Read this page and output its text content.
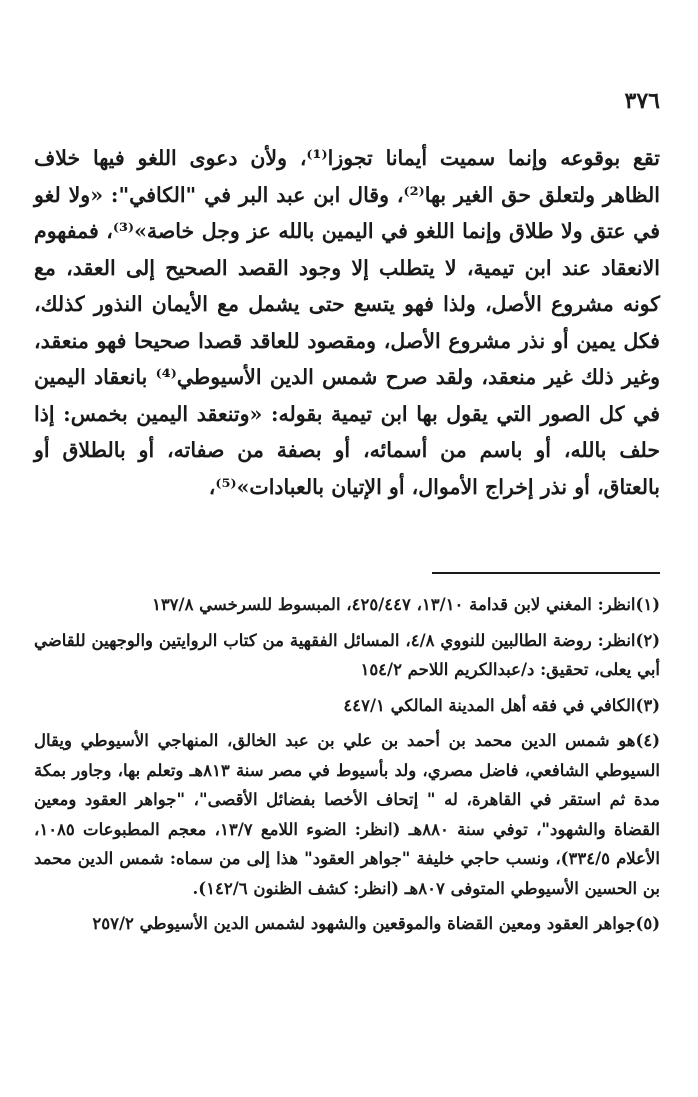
٣٧٦

تقع بوقوعه وإنما سميت أيمانا تجوزا⁽¹⁾، ولأن دعوى اللغو فيها خلاف الظاهر ولتعلق حق الغير بها⁽²⁾، وقال ابن عبد البر في "الكافي": «ولا لغو في عتق ولا طلاق وإنما اللغو في اليمين بالله عز وجل خاصة»⁽³⁾، فمفهوم الانعقاد عند ابن تيمية، لا يتطلب إلا وجود القصد الصحيح إلى العقد، مع كونه مشروع الأصل، ولذا فهو يتسع حتى يشمل مع الأيمان النذور كذلك، فكل يمين أو نذر مشروع الأصل، ومقصود للعاقد قصدا صحيحا فهو منعقد، وغير ذلك غير منعقد، ولقد صرح شمس الدين الأسيوطي⁽⁴⁾ بانعقاد اليمين في كل الصور التي يقول بها ابن تيمية بقوله: «وتنعقد اليمين بخمس: إذا حلف بالله، أو باسم من أسمائه، أو بصفة من صفاته، أو بالطلاق أو بالعتاق، أو نذر إخراج الأموال، أو الإتيان بالعبادات»⁽⁵⁾،

(١)انظر: المغني لابن قدامة ١٣/١٠، ٤٢٥/٤٤٧، المبسوط للسرخسي ١٣٧/٨

(٢)انظر: روضة الطالبين للنووي ٤/٨، المسائل الفقهية من كتاب الروايتين والوجهين للقاضي أبي يعلى، تحقيق: د/عبدالكريم اللاحم ١٥٤/٢

(٣)الكافي في فقه أهل المدينة المالكي ٤٤٧/١

(٤)هو شمس الدين محمد بن أحمد بن علي بن عبد الخالق، المنهاجي الأسيوطي ويقال السيوطي الشافعي، فاضل مصري، ولد بأسيوط في مصر سنة ٨١٣هـ وتعلم بها، وجاور بمكة مدة ثم استقر في القاهرة، له " إتحاف الأخصا بفضائل الأقصى"، "جواهر العقود ومعين القضاة والشهود"، توفي سنة ٨٨٠هـ (انظر: الضوء اللامع ١٣/٧، معجم المطبوعات ١٠٨٥، الأعلام ٣٣٤/٥)، ونسب حاجي خليفة "جواهر العقود" هذا إلى من سماه: شمس الدين محمد بن الحسين الأسيوطي المتوفى ٨٠٧هـ (انظر: كشف الظنون ١٤٢/٦).

(٥)جواهر العقود ومعين القضاة والموقعين والشهود لشمس الدين الأسيوطي ٢٥٧/٢
